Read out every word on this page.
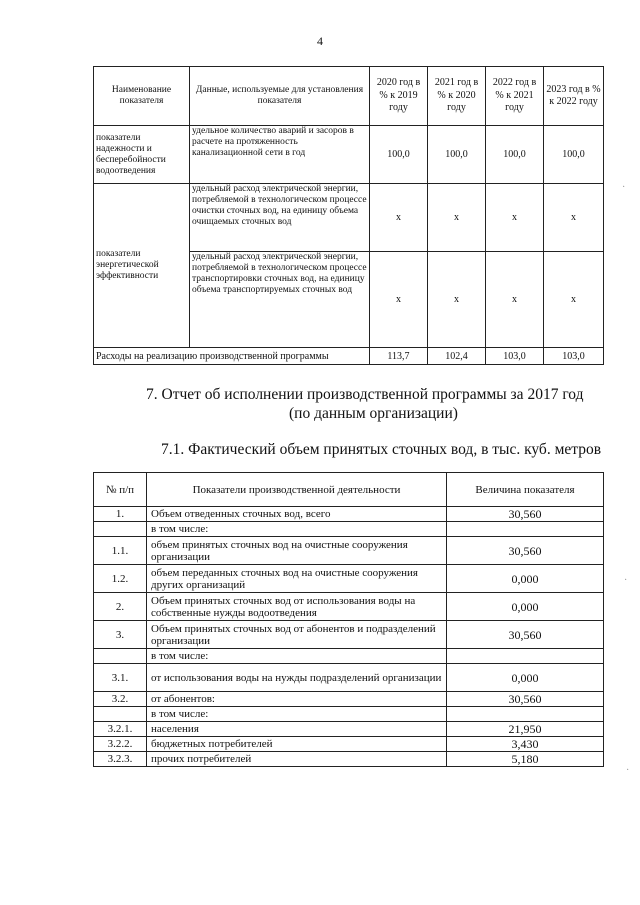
4
Наименование показателя	Данные, используемые для установления показателя	2020 год в % к 2019 году	2021 год в % к 2020 году	2022 год в % к 2021 году	2023 год в % к 2022 году
показатели надежности и бесперебойности водоотведения	удельное количество аварий и засоров в расчете на протяженность канализационной сети в год	100,0	100,0	100,0	100,0
показатели энергетической эффективности	удельный расход электрической энергии, потребляемой в технологическом процессе очистки сточных вод, на единицу объема очищаемых сточных вод	х	х	х	х
	удельный расход электрической энергии, потребляемой в технологическом процессе транспортировки сточных вод, на единицу объема транспортируемых сточных вод	х	х	х	х
Расходы на реализацию производственной программы		113,7	102,4	103,0	103,0
7. Отчет об исполнении производственной программы за 2017 год
(по данным организации)
7.1. Фактический объем принятых сточных вод, в тыс. куб. метров
№ п/п	Показатели производственной деятельности	Величина показателя
1.	Объем отведенных сточных вод, всего	30,560
	в том числе:	
1.1.	объем принятых сточных вод на очистные сооружения организации	30,560
1.2.	объем переданных сточных вод на очистные сооружения других организаций	0,000
2.	Объем принятых сточных вод от использования воды на собственные нужды водоотведения	0,000
3.	Объем принятых сточных вод от абонентов и подразделений организации	30,560
	в том числе:	
3.1.	от использования воды на нужды подразделений организации	0,000
3.2.	от абонентов:	30,560
	в том числе:	
3.2.1.	населения	21,950
3.2.2.	бюджетных потребителей	3,430
3.2.3.	прочих потребителей	5,180
·
·
·
